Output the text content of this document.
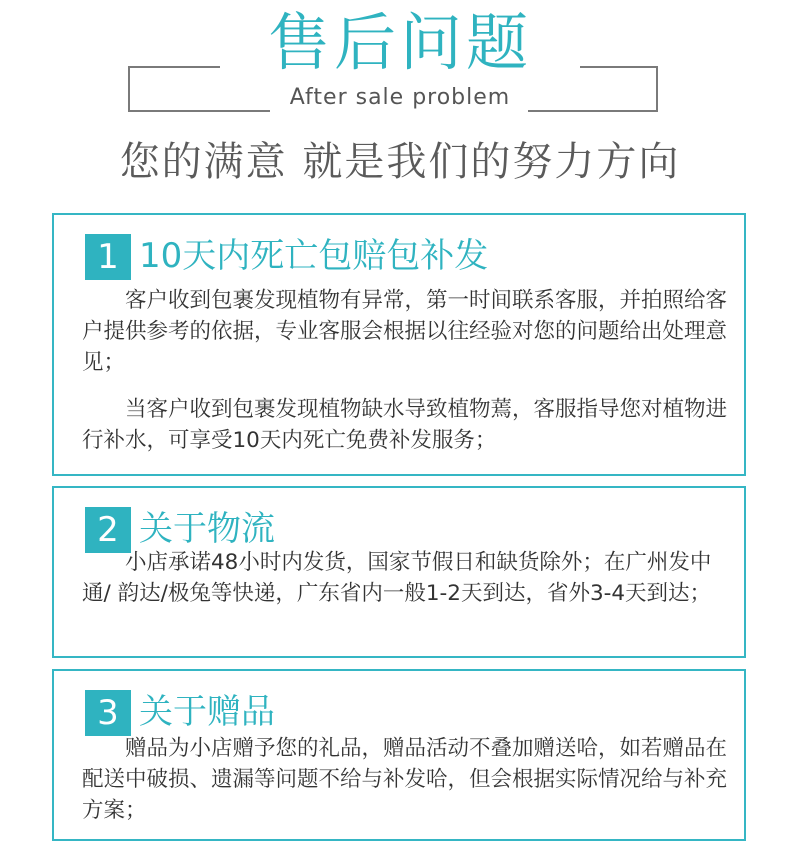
售后问题
After sale problem
您的满意 就是我们的努力方向
1 10天内死亡包赔包补发
客户收到包裹发现植物有异常，第一时间联系客服，并拍照给客户提供参考的依据，专业客服会根据以往经验对您的问题给出处理意见；
当客户收到包裹发现植物缺水导致植物蔫，客服指导您对植物进行补水，可享受10天内死亡免费补发服务；
2 关于物流
小店承诺48小时内发货，国家节假日和缺货除外；在广州发中通/ 韵达/极兔等快递，广东省内一般1-2天到达，省外3-4天到达；
3 关于赠品
赠品为小店赠予您的礼品，赠品活动不叠加赠送哈，如若赠品在配送中破损、遗漏等问题不给与补发哈，但会根据实际情况给与补充方案；
